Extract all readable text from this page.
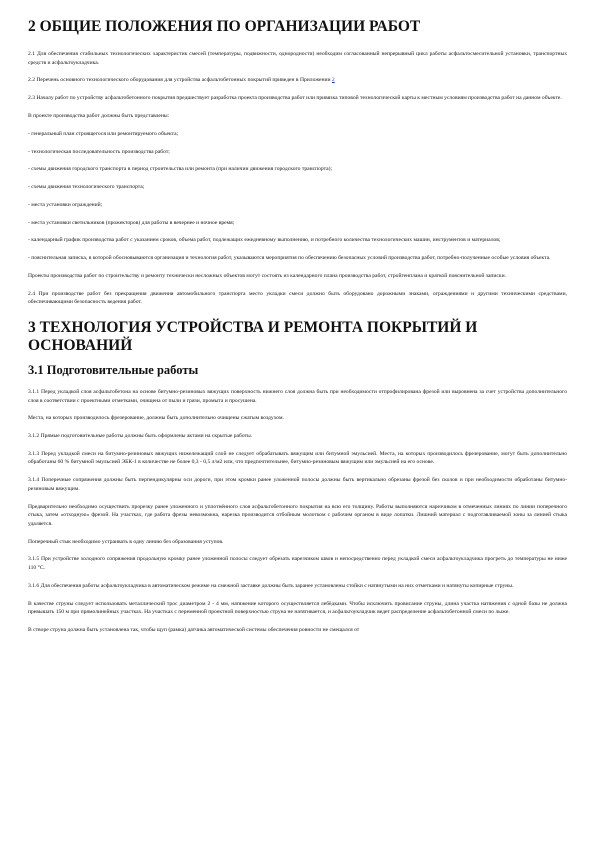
2 ОБЩИЕ ПОЛОЖЕНИЯ ПО ОРГАНИЗАЦИИ РАБОТ

2.1 Для обеспечения стабильных технологических характеристик смесей (температуры, подвижности, однородности) необходим согласованный непрерывный цикл работы асфальтосмесительной установки, транспортных средств и асфальтоукладчика.

2.2 Перечень основного технологического оборудования для устройства асфальтобетонных покрытий приведен в Приложении 2

2.3 Началу работ по устройству асфальтобетонного покрытия предшествует разработка проекта производства работ или привязка типовой технологической карты к местным условиям производства работ на данном объекте.

В проекте производства работ должны быть представлены:

- генеральный план строящегося или ремонтируемого объекта;

- технологическая последовательность производства работ;

- схемы движения городского транспорта в период строительства или ремонта (при наличии движения городского транспорта);

- схемы движения технологического транспорта;

- места установки ограждений;

- места установки светильников (прожекторов) для работы в вечернее и ночное время;

- календарный график производства работ с указанием сроков, объема работ, подлежащих ежедневному выполнению, и потребного количества технологических машин, инструментов и материалов;

- пояснительная записка, в которой обосновываются организация и технология работ, указываются мероприятия по обеспечению безопасных условий производства работ, потребно-полученные особые условия объекта.

Проекты производства работ по строительству и ремонту технически несложных объектов могут состоять из календарного плана производства работ, стройгенплана и краткой пояснительной записки.

2.4 При производстве работ без прекращения движения автомобильного транспорта место укладки смеси должно быть оборудовано дорожными знаками, ограждениями и другими техническими средствами, обеспечивающими безопасность ведения работ.

3 ТЕХНОЛОГИЯ УСТРОЙСТВА И РЕМОНТА ПОКРЫТИЙ И ОСНОВАНИЙ
3.1 Подготовительные работы

3.1.1 Перед укладкой слоя асфальтобетона на основе битумно-резиновых вяжущих поверхность нижнего слоя должна быть при необходимости отпрофилирована фрезой или выровнена за счет устройства дополнительного слоя в соответствии с проектными отметками, очищена от пыли и грязи, промыта и просушена.

Места, на которых производилось фрезерование, должны быть дополнительно очищены сжатым воздухом.

3.1.2 Прямые подготовительные работы должны быть оформлены актами на скрытые работы.

3.1.3 Перед укладкой смеси на битумно-резиновых вяжущих нижележащий слой не следует обрабатывать вяжущим или битумной эмульсией. Места, на которых производилось фрезерование, могут быть дополнительно обработаны 60 % битумной эмульсией ЭБК-1 в количестве не более 0,3 - 0,5 л/м2 или, что предпочтительнее, битумно-резиновым вяжущим или эмульсией на его основе.

3.1.4 Поперечные сопряжения должны быть перпендикулярны оси дороги, при этом кромки ранее уложенной полосы должны быть вертикально обрезаны фрезой без сколов и при необходимости обработаны битумно-резиновым вяжущим.

Предварительно необходимо осуществить прорезку ранее уложенного и уплотнённого слоя асфальтобетонного покрытия на всю его толщину. Работы выполняются нарезчиком в отмеченных линиях по линии поперечного стыка, затем «отходную» фрезой. На участках, где работа фрезы невозможна, нарезка производится отбойным молотком с рабочим органом в виде лопатки. Лишний материал с подготавливаемой зоны за линией стыка удаляется.

Поперечный стык необходимо устраивать в одну линию без образования уступов.

3.1.5 При устройстве холодного сопряжения продольную кромку ранее уложенной полосы следует обрезать нарезчиком швов и непосредственно перед укладкой смеси асфальтоукладчика прогреть до температуры не ниже 110 °С.

3.1.6 Для обеспечения работы асфальтоукладчика в автоматическом режиме на смежной заставке должны быть заранее установлены стойки с натянутыми на них отметками и натянуты копирные струны.

В качестве струны следует использовать металлический трос диаметром 2 - 4 мм, натяжение которого осуществляется лебёдками. Чтобы исключить провисание струны, длина участка натяжения с одной базы не должна превышать 150 м при прямолинейных участках. На участках с переменной проектной поверхностью струна не натягивается, и асфальтоукладчик ведет распределение асфальтобетонной смеси по лыже.

В створе струна должна быть установлена так, чтобы щуп (рамка) датчика автоматической системы обеспечения ровности не смещался от
